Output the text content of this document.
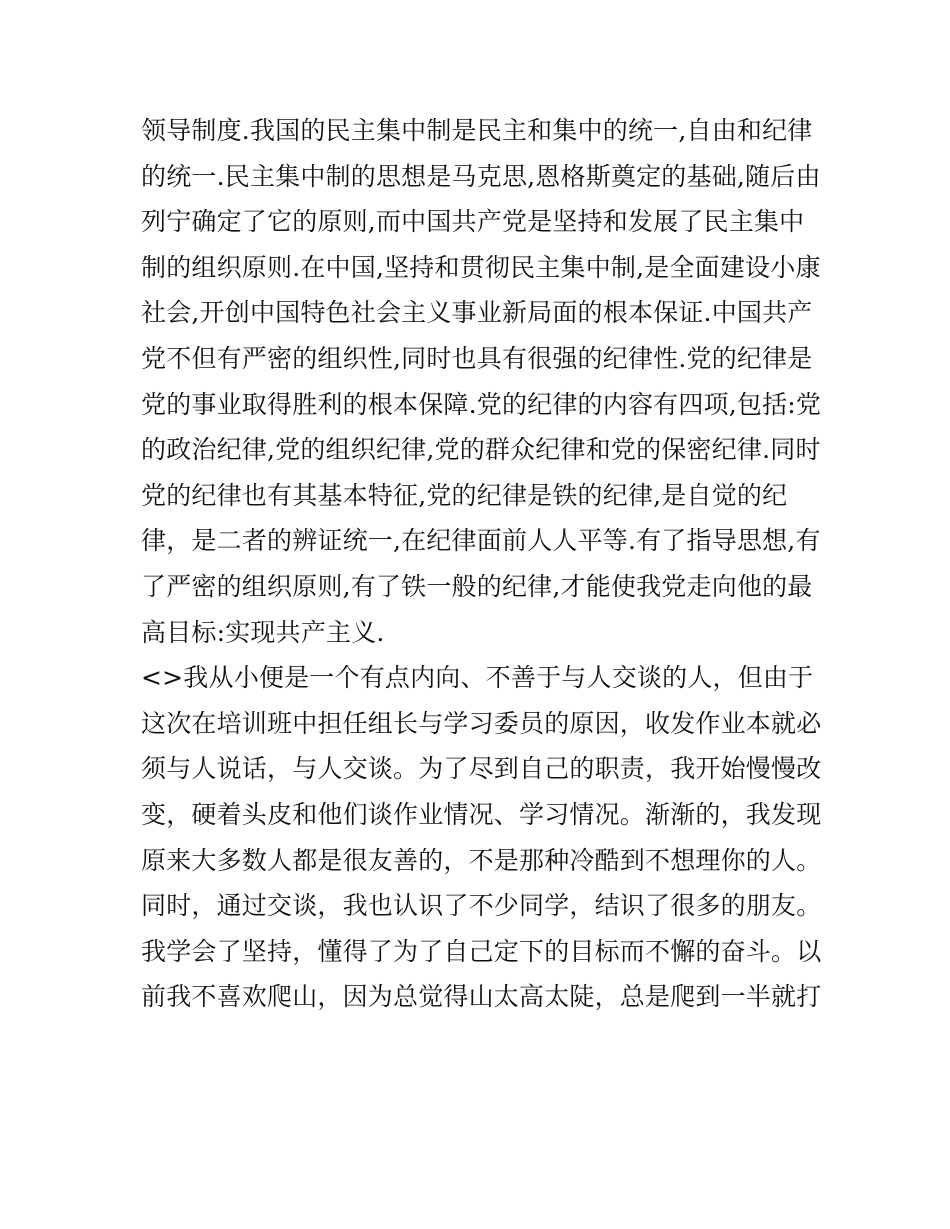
领导制度.我国的民主集中制是民主和集中的统一,自由和纪律
的统一.民主集中制的思想是马克思,恩格斯奠定的基础,随后由
列宁确定了它的原则,而中国共产党是坚持和发展了民主集中
制的组织原则.在中国,坚持和贯彻民主集中制,是全面建设小康
社会,开创中国特色社会主义事业新局面的根本保证.中国共产
党不但有严密的组织性,同时也具有很强的纪律性.党的纪律是
党的事业取得胜利的根本保障.党的纪律的内容有四项,包括:党
的政治纪律,党的组织纪律,党的群众纪律和党的保密纪律.同时
党的纪律也有其基本特征,党的纪律是铁的纪律,是自觉的纪
律，是二者的辨证统一,在纪律面前人人平等.有了指导思想,有
了严密的组织原则,有了铁一般的纪律,才能使我党走向他的最
高目标:实现共产主义.
<>我从小便是一个有点内向、不善于与人交谈的人，但由于
这次在培训班中担任组长与学习委员的原因，收发作业本就必
须与人说话，与人交谈。为了尽到自己的职责，我开始慢慢改
变，硬着头皮和他们谈作业情况、学习情况。渐渐的，我发现
原来大多数人都是很友善的，不是那种冷酷到不想理你的人。
同时，通过交谈，我也认识了不少同学，结识了很多的朋友。
我学会了坚持，懂得了为了自己定下的目标而不懈的奋斗。以
前我不喜欢爬山，因为总觉得山太高太陡，总是爬到一半就打
